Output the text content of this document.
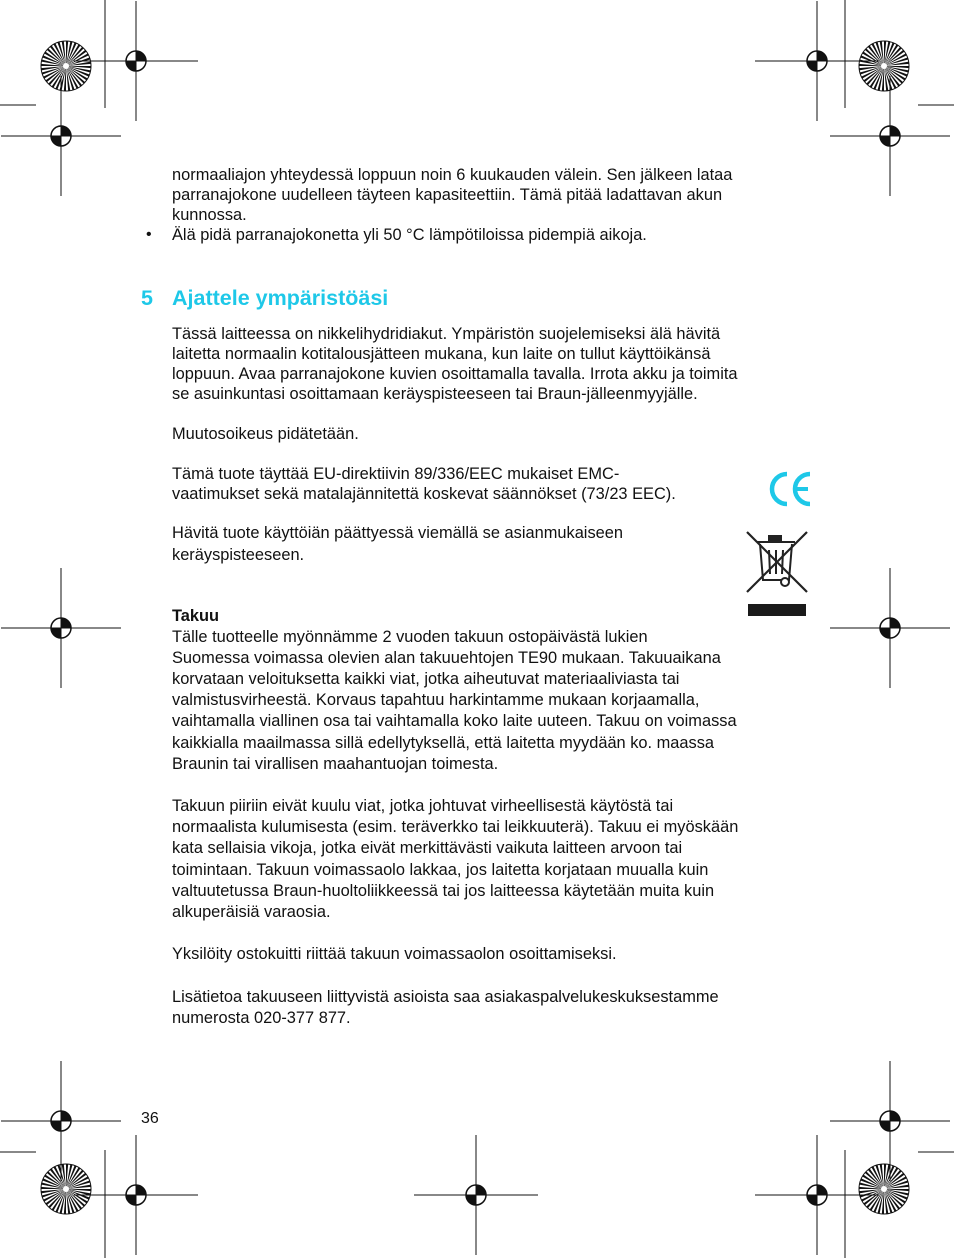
normaaliajon yhteydessä loppuun noin 6 kuukauden välein. Sen jälkeen lataa
parranajokone uudelleen täyteen kapasiteettiin. Tämä pitää ladattavan akun
kunnossa.
• Älä pidä parranajokonetta yli 50 °C lämpötiloissa pidempiä aikoja.
5 Ajattele ympäristöäsi
Tässä laitteessa on nikkelihydridiakut. Ympäristön suojelemiseksi älä hävitä
laitetta normaalin kotitalousjätteen mukana, kun laite on tullut käyttöikänsä
loppuun. Avaa parranajokone kuvien osoittamalla tavalla. Irrota akku ja toimita
se asuinkuntasi osoittamaan keräyspisteeseen tai Braun-jälleenmyyjälle.
Muutosoikeus pidätetään.
Tämä tuote täyttää EU-direktiivin 89/336/EEC mukaiset EMC-
vaatimukset sekä matalajännitettä koskevat säännökset (73/23 EEC).
Hävitä tuote käyttöiän päättyessä viemällä se asianmukaiseen
keräyspisteeseen.
Takuu
Tälle tuotteelle myönnämme 2 vuoden takuun ostopäivästä lukien
Suomessa voimassa olevien alan takuuehtojen TE90 mukaan. Takuuaikana
korvataan veloituksetta kaikki viat, jotka aiheutuvat materiaaliviasta tai
valmistusvirheestä. Korvaus tapahtuu harkintamme mukaan korjaamalla,
vaihtamalla viallinen osa tai vaihtamalla koko laite uuteen. Takuu on voimassa
kaikkialla maailmassa sillä edellytyksellä, että laitetta myydään ko. maassa
Braunin tai virallisen maahantuojan toimesta.
Takuun piiriin eivät kuulu viat, jotka johtuvat virheellisestä käytöstä tai
normaalista kulumisesta (esim. teräverkko tai leikkuuterä). Takuu ei myöskään
kata sellaisia vikoja, jotka eivät merkittävästi vaikuta laitteen arvoon tai
toimintaan. Takuun voimassaolo lakkaa, jos laitetta korjataan muualla kuin
valtuutetussa Braun-huoltoliikkeessä tai jos laitteessa käytetään muita kuin
alkuperäisiä varaosia.
Yksilöity ostokuitti riittää takuun voimassaolon osoittamiseksi.
Lisätietoa takuuseen liittyvistä asioista saa asiakaspalvelukeskuksestamme
numerosta 020-377 877.
36
